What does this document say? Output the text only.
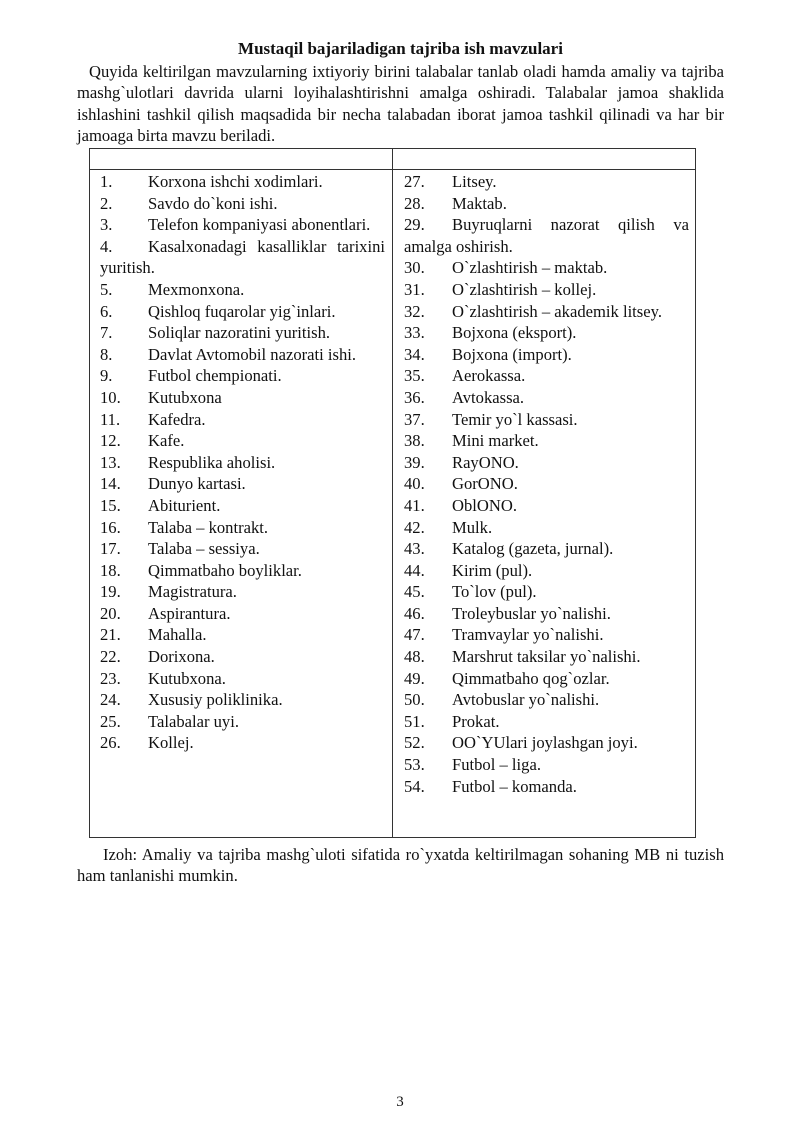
Mustaqil bajariladigan tajriba ish mavzulari
Quyida keltirilgan mavzularning ixtiyoriy birini talabalar tanlab oladi hamda amaliy va tajriba mashg`ulotlari davrida ularni loyihalashtirishni amalga oshiradi. Talabalar jamoa shaklida ishlashini tashkil qilish maqsadida bir necha talabadan iborat jamoa tashkil qilinadi va har bir jamoaga birta mavzu beriladi.
1. Korxona ishchi xodimlari.
2. Savdo do`koni ishi.
3. Telefon kompaniyasi abonentlari.
4. Kasalxonadagi kasalliklar tarixini yuritish.
5. Mexmonxona.
6. Qishloq fuqarolar yig`inlari.
7. Soliqlar nazoratini yuritish.
8. Davlat Avtomobil nazorati ishi.
9. Futbol chempionati.
10. Kutubxona
11. Kafedra.
12. Kafe.
13. Respublika aholisi.
14. Dunyo kartasi.
15. Abiturient.
16. Talaba – kontrakt.
17. Talaba – sessiya.
18. Qimmatbaho boyliklar.
19. Magistratura.
20. Aspirantura.
21. Mahalla.
22. Dorixona.
23. Kutubxona.
24. Xususiy poliklinika.
25. Talabalar uyi.
26. Kollej.
27. Litsey.
28. Maktab.
29. Buyruqlarni nazorat qilish va amalga oshirish.
30. O`zlashtirish – maktab.
31. O`zlashtirish – kollej.
32. O`zlashtirish – akademik litsey.
33. Bojxona (eksport).
34. Bojxona (import).
35. Aerokassa.
36. Avtokassa.
37. Temir yo`l kassasi.
38. Mini market.
39. RayONO.
40. GorONO.
41. OblONO.
42. Mulk.
43. Katalog (gazeta, jurnal).
44. Kirim (pul).
45. To`lov (pul).
46. Troleybuslar yo`nalishi.
47. Tramvaylar yo`nalishi.
48. Marshrut taksilar yo`nalishi.
49. Qimmatbaho qog`ozlar.
50. Avtobuslar yo`nalishi.
51. Prokat.
52. OO`YUlari joylashgan joyi.
53. Futbol – liga.
54. Futbol – komanda.
Izoh: Amaliy va tajriba mashg`uloti sifatida ro`yxatda keltirilmagan sohaning MB ni tuzish ham tanlanishi mumkin.
3
